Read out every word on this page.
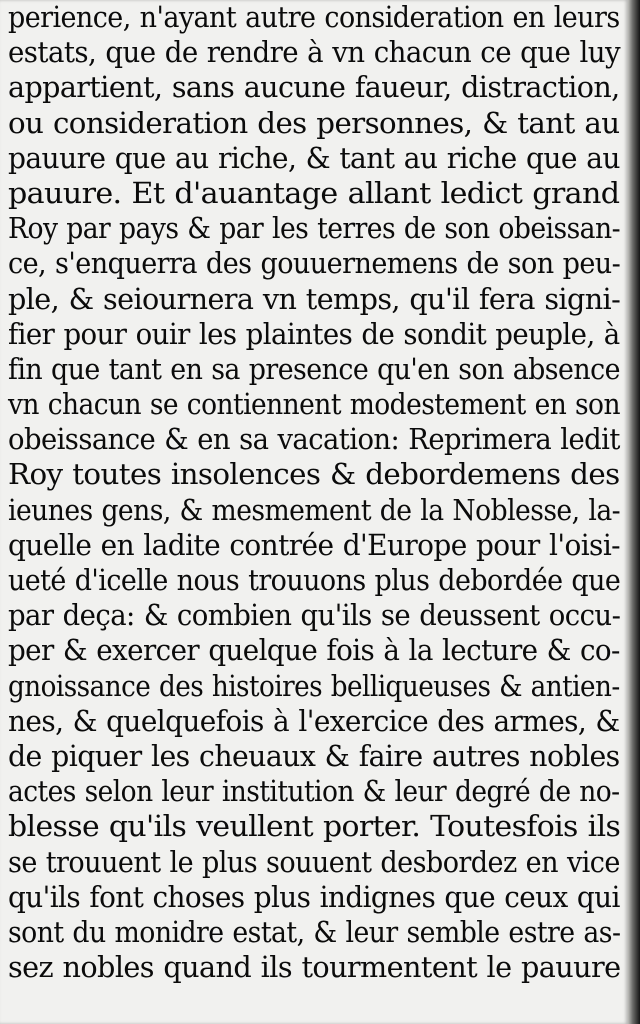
perience, n'ayant autre consideration en leurs
estats, que de rendre à vn chacun ce que luy
appartient, sans aucune faueur, distraction,
ou consideration des personnes, & tant au
pauure que au riche, & tant au riche que au
pauure. Et d'auantage allant ledict grand
Roy par pays & par les terres de son obeissan-
ce, s'enquerra des gouuernemens de son peu-
ple, & seiournera vn temps, qu'il fera signi-
fier pour ouir les plaintes de sondit peuple, à
fin que tant en sa presence qu'en son absence
vn chacun se contiennent modestement en son
obeissance & en sa vacation: Reprimera ledit
Roy toutes insolences & debordemens des
ieunes gens, & mesmement de la Noblesse, la-
quelle en ladite contrée d'Europe pour l'oisi-
ueté d'icelle nous trouuons plus debordée que
par deça: & combien qu'ils se deussent occu-
per & exercer quelque fois à la lecture & co-
gnoissance des histoires belliqueuses & antien-
nes, & quelquefois à l'exercice des armes, &
de piquer les cheuaux & faire autres nobles
actes selon leur institution & leur degré de no-
blesse qu'ils veullent porter. Toutesfois ils
se trouuent le plus souuent desbordez en vice
qu'ils font choses plus indignes que ceux qui
sont du monidre estat, & leur semble estre as-
sez nobles quand ils tourmentent le pauure
